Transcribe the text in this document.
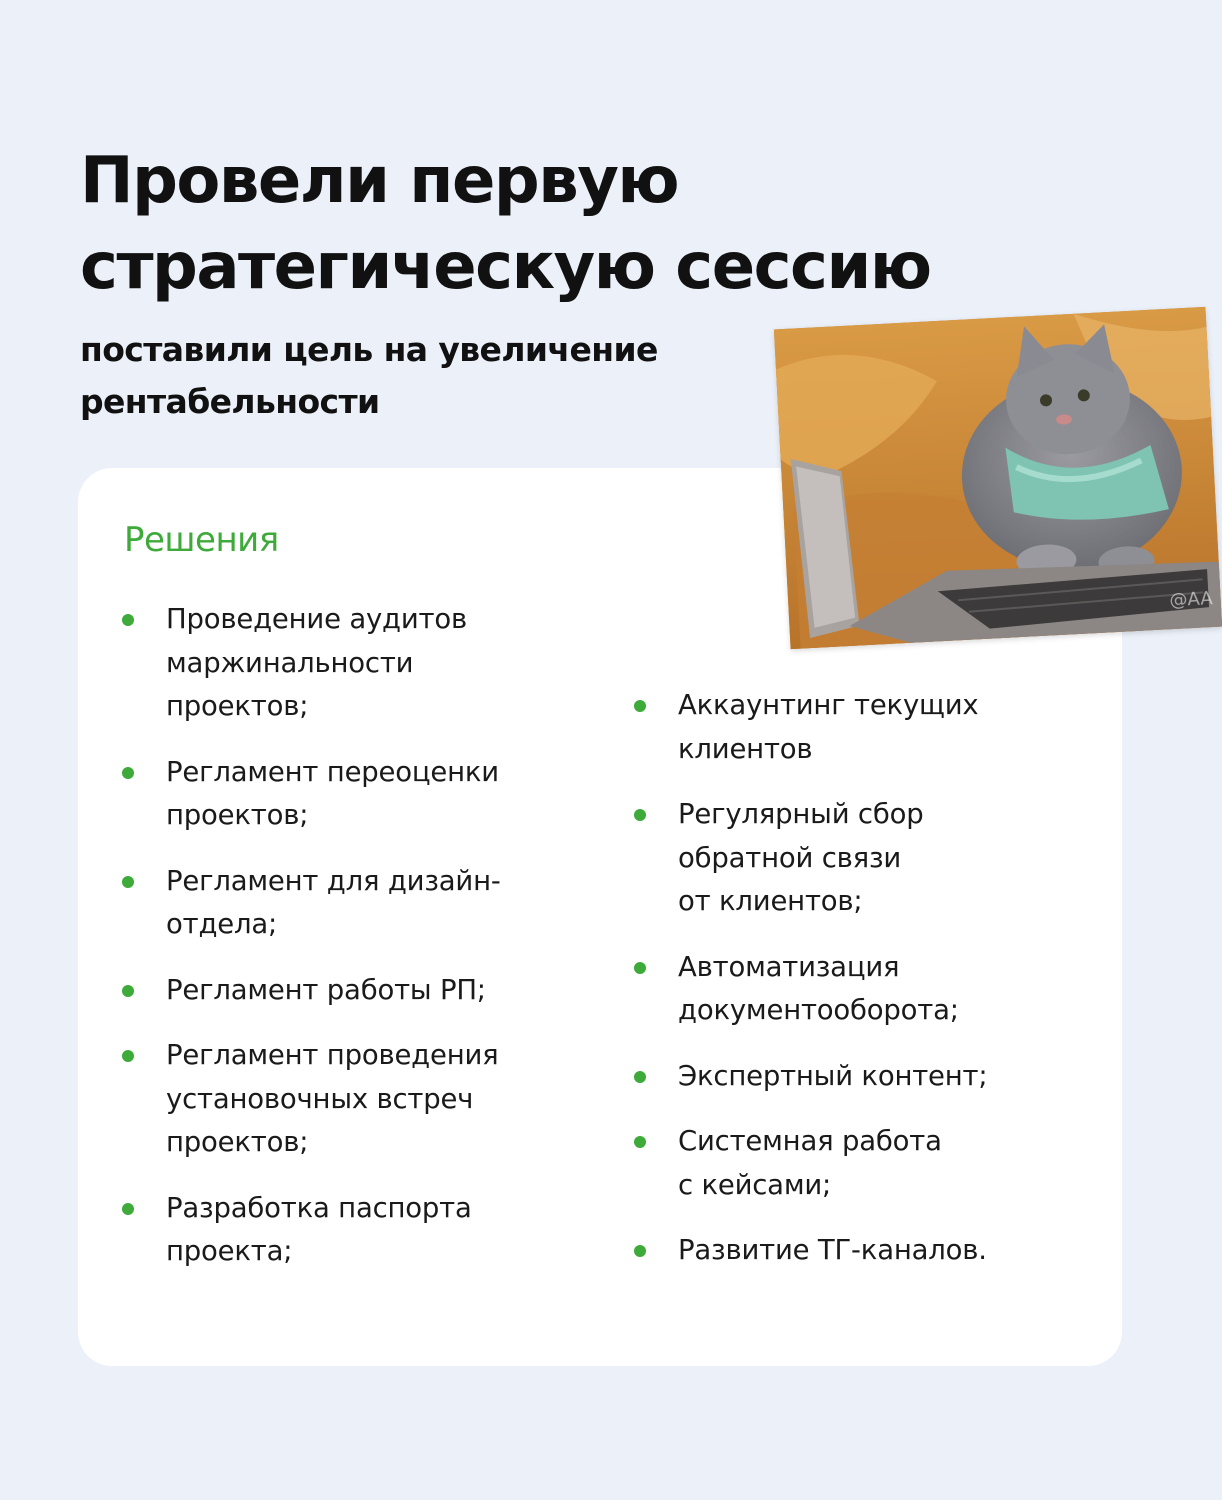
Провели первую
стратегическую сессию

поставили цель на увеличение
рентабельности

Решения
Проведение аудитов
маржинальности
проектов;
Регламент переоценки
проектов;
Регламент для дизайн-
отдела;
Регламент работы РП;
Регламент проведения
установочных встреч
проектов;
Разработка паспорта
проекта;
Аккаунтинг текущих
клиентов
Регулярный сбор
обратной связи
от клиентов;
Автоматизация
документооборота;
Экспертный контент;
Системная работа
с кейсами;
Развитие ТГ-каналов.
@AA
